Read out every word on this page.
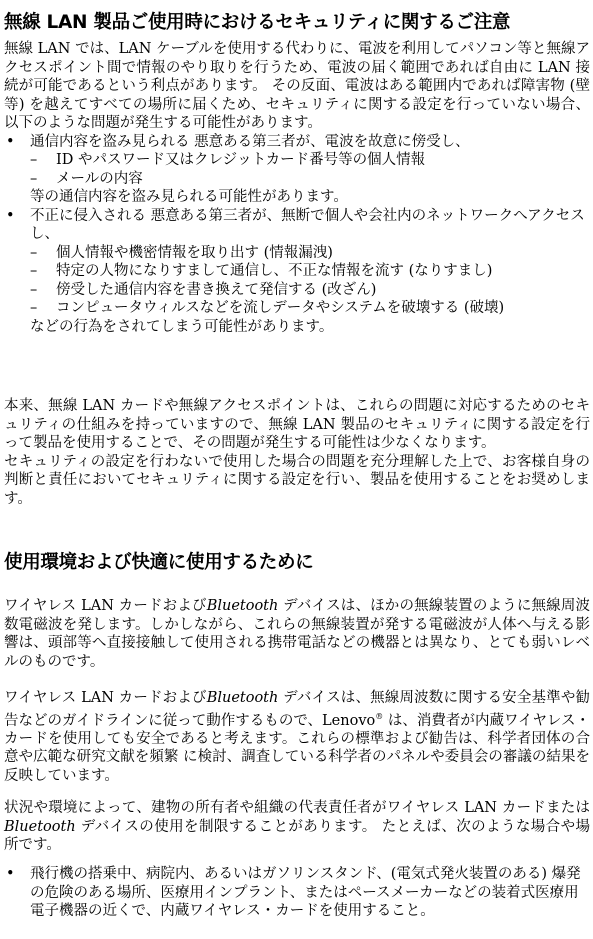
無線 LAN 製品ご使用時におけるセキュリティに関するご注意

無線 LAN では、LAN ケーブルを使用する代わりに、電波を利用してパソコン等と無線アクセスポイント間で情報のやり取りを行うため、電波の届く範囲であれば自由に LAN 接続が可能であるという利点があります。 その反面、電波はある範囲内であれば障害物 (壁等) を越えてすべての場所に届くため、セキュリティに関する設定を行っていない場合、以下のような問題が発生する可能性があります。

• 通信内容を盗み見られる 悪意ある第三者が、電波を故意に傍受し、
– ID やパスワード又はクレジットカード番号等の個人情報
– メールの内容
等の通信内容を盗み見られる可能性があります。
• 不正に侵入される 悪意ある第三者が、無断で個人や会社内のネットワークへアクセスし、
– 個人情報や機密情報を取り出す (情報漏洩)
– 特定の人物になりすまして通信し、不正な情報を流す (なりすまし)
– 傍受した通信内容を書き換えて発信する (改ざん)
– コンピュータウィルスなどを流しデータやシステムを破壊する (破壊)
などの行為をされてしまう可能性があります。

本来、無線 LAN カードや無線アクセスポイントは、これらの問題に対応するためのセキュリティの仕組みを持っていますので、無線 LAN 製品のセキュリティに関する設定を行って製品を使用することで、その問題が発生する可能性は少なくなります。

セキュリティの設定を行わないで使用した場合の問題を充分理解した上で、お客様自身の判断と責任においてセキュリティに関する設定を行い、製品を使用することをお奨めします。

使用環境および快適に使用するために

ワイヤレス LAN カードおよびBluetooth デバイスは、ほかの無線装置のように無線周波数電磁波を発します。しかしながら、これらの無線装置が発する電磁波が人体へ与える影響は、頭部等へ直接接触して使用される携帯電話などの機器とは異なり、とても弱いレベルのものです。

ワイヤレス LAN カードおよびBluetooth デバイスは、無線周波数に関する安全基準や勧告などのガイドラインに従って動作するもので、Lenovo® は、消費者が内蔵ワイヤレス・カードを使用しても安全であると考えます。これらの標準および勧告は、科学者団体の合意や広範な研究文献を頻繁 に検討、調査している科学者のパネルや委員会の審議の結果を反映しています。

状況や環境によって、建物の所有者や組織の代表責任者がワイヤレス LAN カードまたはBluetooth デバイスの使用を制限することがあります。 たとえば、次のような場合や場所です。

• 飛行機の搭乗中、病院内、あるいはガソリンスタンド、(電気式発火装置のある) 爆発の危険のある場所、医療用インプラント、またはペースメーカーなどの装着式医療用電子機器の近くで、内蔵ワイヤレス・カードを使用すること。
